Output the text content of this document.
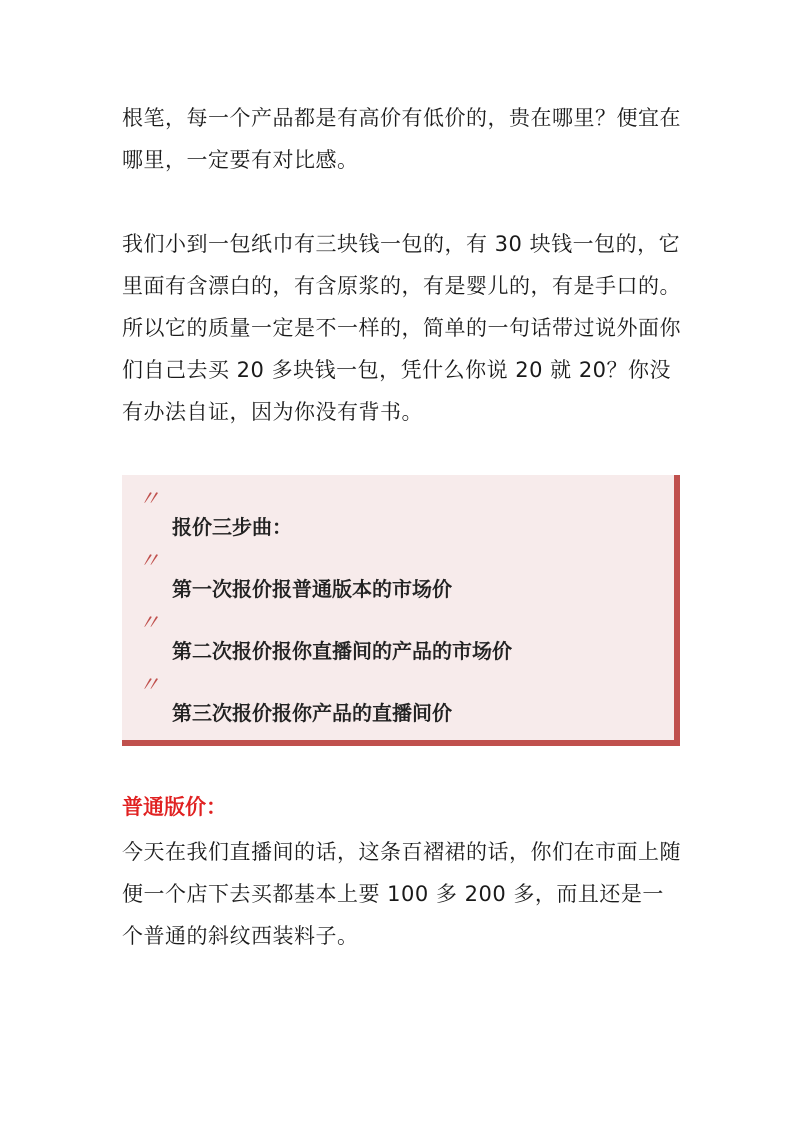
根笔，每一个产品都是有高价有低价的，贵在哪里？便宜在哪里，一定要有对比感。

我们小到一包纸巾有三块钱一包的，有 30 块钱一包的，它里面有含漂白的，有含原浆的，有是婴儿的，有是手口的。所以它的质量一定是不一样的，简单的一句话带过说外面你们自己去买 20 多块钱一包，凭什么你说 20 就 20？你没有办法自证，因为你没有背书。

〃
报价三步曲：
〃
第一次报价报普通版本的市场价
〃
第二次报价报你直播间的产品的市场价
〃
第三次报价报你产品的直播间价
普通版价：

今天在我们直播间的话，这条百褶裙的话，你们在市面上随便一个店下去买都基本上要 100 多 200 多，而且还是一个普通的斜纹西装料子。
